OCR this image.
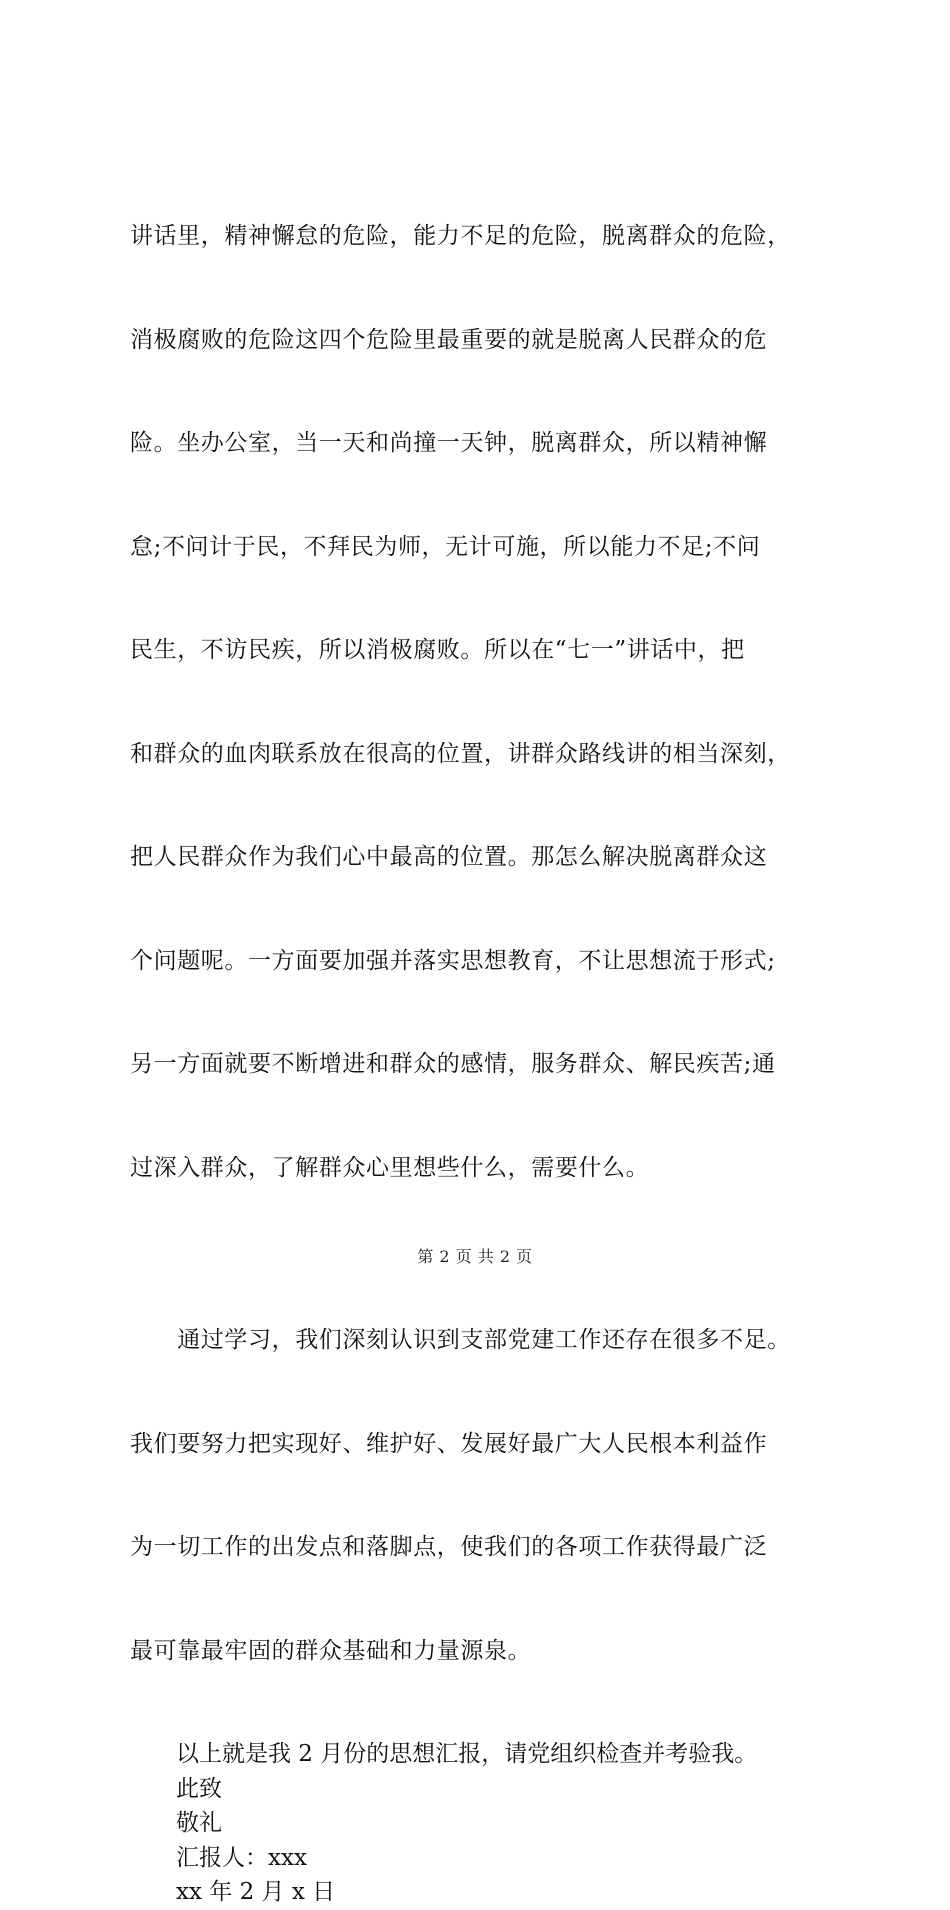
讲话里，精神懈怠的危险，能力不足的危险，脱离群众的危险，

消极腐败的危险这四个危险里最重要的就是脱离人民群众的危

险。坐办公室，当一天和尚撞一天钟，脱离群众，所以精神懈

怠;不问计于民，不拜民为师，无计可施，所以能力不足;不问

民生，不访民疾，所以消极腐败。所以在“七一”讲话中，把

和群众的血肉联系放在很高的位置，讲群众路线讲的相当深刻，

把人民群众作为我们心中最高的位置。那怎么解决脱离群众这

个问题呢。一方面要加强并落实思想教育，不让思想流于形式;

另一方面就要不断增进和群众的感情，服务群众、解民疾苦;通

过深入群众，了解群众心里想些什么，需要什么。

　　通过学习，我们深刻认识到支部党建工作还存在很多不足。

我们要努力把实现好、维护好、发展好最广大人民根本利益作

为一切工作的出发点和落脚点，使我们的各项工作获得最广泛

最可靠最牢固的群众基础和力量源泉。

以上就是我 2 月份的思想汇报，请党组织检查并考验我。

此致

敬礼

汇报人：xxx

xx 年 2 月 x 日

第 2 页 共 2 页
